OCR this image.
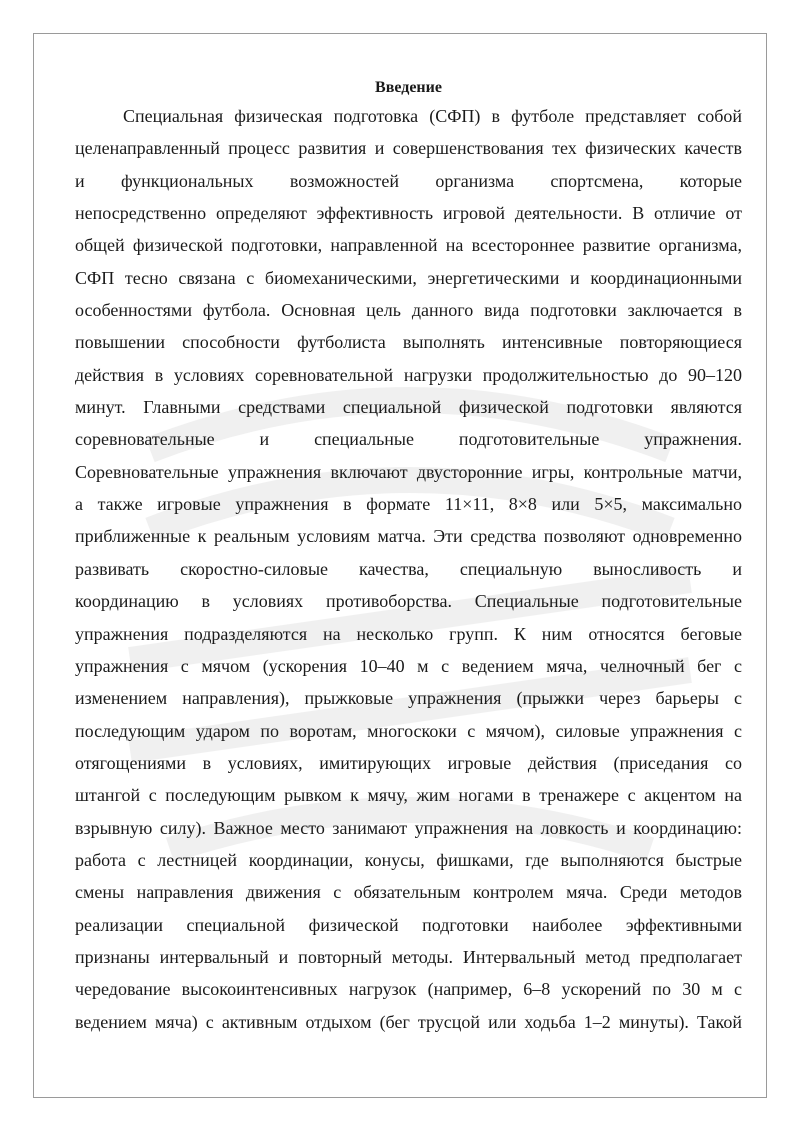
Введение
Специальная физическая подготовка (СФП) в футболе представляет собой
целенаправленный процесс развития и совершенствования тех физических качеств
и функциональных возможностей организма спортсмена, которые
непосредственно определяют эффективность игровой деятельности. В отличие от
общей физической подготовки, направленной на всестороннее развитие организма,
СФП тесно связана с биомеханическими, энергетическими и координационными
особенностями футбола. Основная цель данного вида подготовки заключается в
повышении способности футболиста выполнять интенсивные повторяющиеся
действия в условиях соревновательной нагрузки продолжительностью до 90–120
минут. Главными средствами специальной физической подготовки являются
соревновательные и специальные подготовительные упражнения.
Соревновательные упражнения включают двусторонние игры, контрольные матчи,
а также игровые упражнения в формате 11×11, 8×8 или 5×5, максимально
приближенные к реальным условиям матча. Эти средства позволяют одновременно
развивать скоростно-силовые качества, специальную выносливость и
координацию в условиях противоборства. Специальные подготовительные
упражнения подразделяются на несколько групп. К ним относятся беговые
упражнения с мячом (ускорения 10–40 м с ведением мяча, челночный бег с
изменением направления), прыжковые упражнения (прыжки через барьеры с
последующим ударом по воротам, многоскоки с мячом), силовые упражнения с
отягощениями в условиях, имитирующих игровые действия (приседания со
штангой с последующим рывком к мячу, жим ногами в тренажере с акцентом на
взрывную силу). Важное место занимают упражнения на ловкость и координацию:
работа с лестницей координации, конусы, фишками, где выполняются быстрые
смены направления движения с обязательным контролем мяча. Среди методов
реализации специальной физической подготовки наиболее эффективными
признаны интервальный и повторный методы. Интервальный метод предполагает
чередование высокоинтенсивных нагрузок (например, 6–8 ускорений по 30 м с
ведением мяча) с активным отдыхом (бег трусцой или ходьба 1–2 минуты). Такой
